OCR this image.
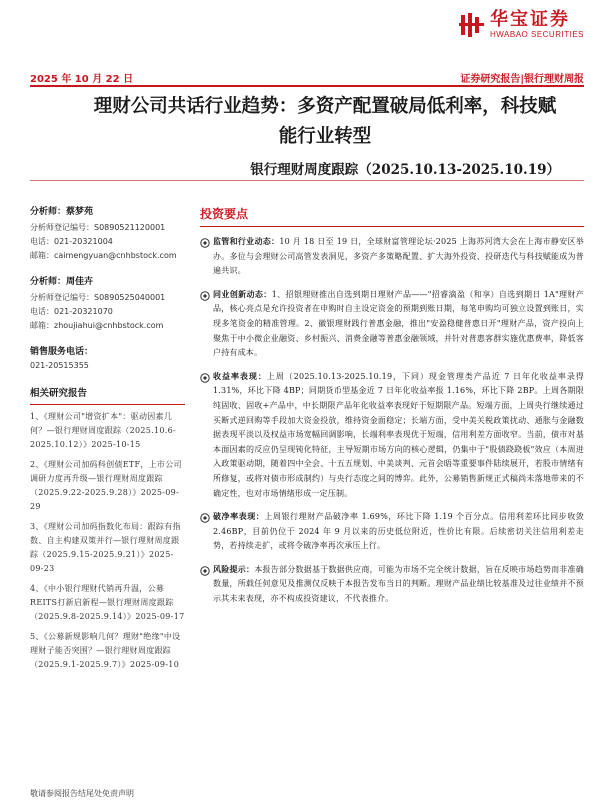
华宝证券
HWABAO SECURITIES
2025 年 10 月 22 日	证券研究报告|银行理财周报
理财公司共话行业趋势：多资产配置破局低利率，科技赋能行业转型
银行理财周度跟踪（2025.10.13-2025.10.19）
分析师：蔡梦苑
分析师登记编号：S0890521120001
电话：021-20321004
邮箱：caimengyuan@cnhbstock.com
分析师：周佳卉
分析师登记编号：S0890525040001
电话：021-20321070
邮箱：zhoujiahui@cnhbstock.com
销售服务电话：
021-20515355
相关研究报告
1、《理财公司"增资扩本"：驱动因素几何？—银行理财周度跟踪（2025.10.6-2025.10.12）》2025-10-15
2、《理财公司加码科创债ETF，上市公司调研力度再升级—银行理财周度跟踪（2025.9.22-2025.9.28）》2025-09-29
3、《理财公司加码指数化布局：跟踪有指数、自主构建双策并行—银行理财周度跟踪（2025.9.15-2025.9.21）》2025-09-23
4、《中小银行理财代销再升温，公募REITS打新启新程—银行理财周度跟踪（2025.9.8-2025.9.14）》2025-09-17
5、《公募新规影响几何？理财"绝缘"中设理财子能否突围？—银行理财周度跟踪（2025.9.1-2025.9.7）》2025-09-10
投资要点
监管和行业动态：10 月 18 日至 19 日，全球财富管理论坛·2025 上海苏河湾大会在上海市静安区举办。多位与会理财公司高管发表洞见，多资产多策略配置、扩大海外投资、投研迭代与科技赋能成为普遍共识。
同业创新动态：1、招银理财推出自选到期日理财产品——"招睿滴盈（和享）自选到期日 1A"理财产品，核心亮点是允许投资者在申购时自主设定资金的预期到账日期，每笔申购均可独立设置到账日，实现多笔资金的精准管理。2、徽银理财践行普惠金融，推出"安盈稳健普惠日开"理财产品，资产投向上聚焦于中小微企业融资、乡村振兴、消费金融等普惠金融领域，并针对普惠客群实施优惠费率，降低客户持有成本。
收益率表现：上周（2025.10.13-2025.10.19，下同）现金管理类产品近 7 日年化收益率录得 1.31%，环比下降 4BP；同期货币型基金近 7 日年化收益率报 1.16%，环比下降 2BP。上周各期限纯固收、固收+产品中，中长期限产品年化收益率表现好于短期限产品。短端方面，上周央行继续通过买断式逆回购等手段加大资金投放，维持资金面稳定；长端方面，受中美关税政策扰动、通胀与金融数据表现平淡以及权益市场宽幅回调影响，长端利率表现优于短端，信用利差方面收窄。当前，债市对基本面因素的反应仍呈现钝化特征，主导短期市场方向的核心逻辑，仍集中于"股债跷跷板"效应（本周进入政策驱动期，随着四中全会、十五五规划、中美谈判、元首会晤等重要事件陆续展开，若股市情绪有所修复，或将对债市形成制约）与央行态度之间的博弈。此外，公募销售新规正式稿尚未落地带来的不确定性，也对市场情绪形成一定压制。
破净率表现：上周银行理财产品破净率 1.69%，环比下降 1.19 个百分点。信用利差环比同步收敛 2.46BP，目前仍位于 2024 年 9 月以来的历史低位附近，性价比有限。后续密切关注信用利差走势，若持续走扩，或将令破净率再次承压上行。
风险提示：本报告部分数据基于数据供应商，可能为市场不完全统计数据，旨在反映市场趋势而非准确数量，所载任何意见及推测仅反映于本报告发布当日的判断。理财产品业绩比较基准及过往业绩并不预示其未来表现，亦不构成投资建议，不代表推介。
敬请参阅报告结尾处免责声明
